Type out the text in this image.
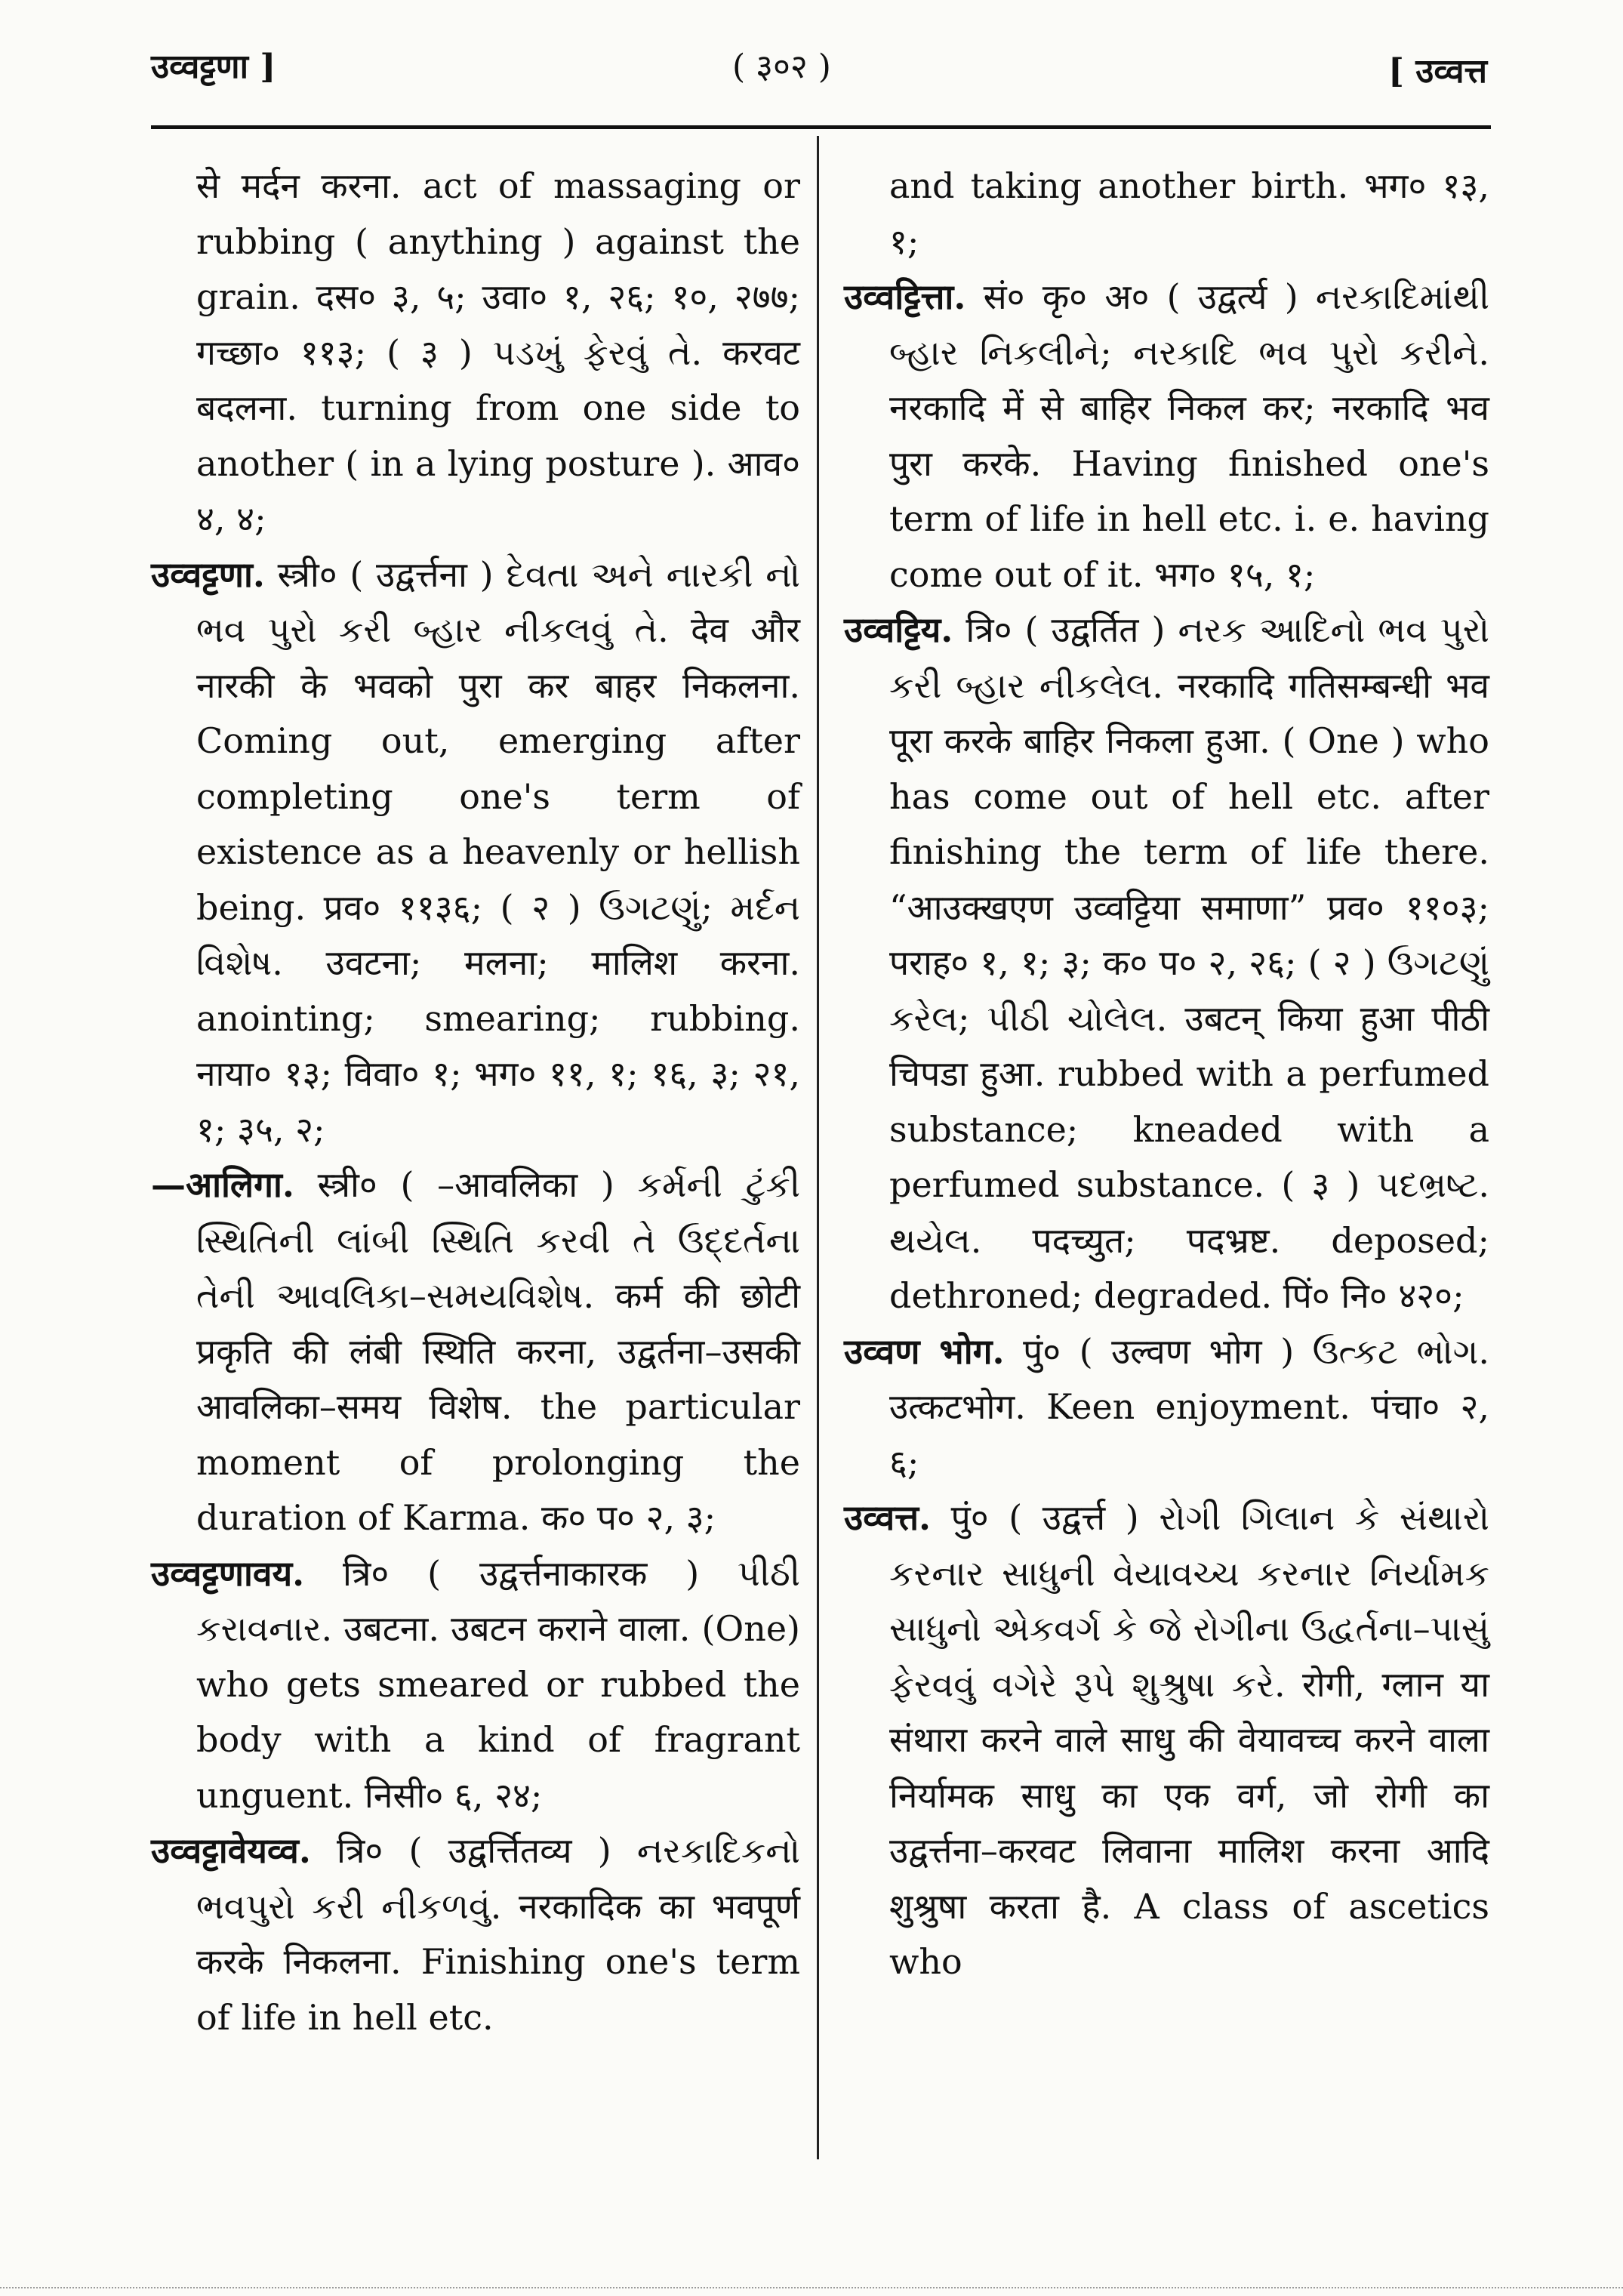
उव्वट्टणा ]	( ३०२ )	[ उव्वत्त

से मर्दन करना. act of massaging or rubbing ( anything ) against the grain. दस० ३, ५; उवा० १, २६; १०, २७७; गच्छा० ११३; ( ३ ) પડખું ફેરવું તે. करवट बदलना. turning from one side to another ( in a lying posture ). आव० ४, ४;

उव्वट्टणा. स्त्री० ( उद्वर्त्तना ) દેવતા અને નારકી નો ભવ પુરો કરી બ્હાર નીકલવું તે. देव और नारकी के भवको पुरा कर बाहर निकलना. Coming out, emerging after completing one's term of existence as a heavenly or hellish being. प्रव० ११३६; ( २ ) ઉગટણું; મર્દન વિશેષ. उवटना; मलना; मालिश करना. anointing; smearing; rubbing. नाया० १३; विवा० १; भग० ११, १; १६, ३; २१, १; ३५, २;

—आलिगा. स्त्री० ( –आवलिका ) કર્મની ટુંકી સ્થિતિની લાંબી સ્થિતિ કરવી તે ઉદ્દર્તના તેની આવલિકા–સમયવિશેષ. कर्म की छोटी प्रकृति की लंबी स्थिति करना, उद्वर्तना–उसकी आवलिका–समय विशेष. the particular moment of prolonging the duration of Karma. क० प० २, ३;

उव्वट्टणावय. त्रि० ( उद्वर्त्तनाकारक ) પીઠી કરાવનાર. उबटना. उबटन कराने वाला. (One) who gets smeared or rubbed the body with a kind of fragrant unguent. निसी० ६, २४;

उव्वट्टावेयव्व. त्रि० ( उद्वर्त्तितव्य ) નરકાદિકનો ભવપુરો કરી નીકળવું. नरकादिक का भवपूर्ण करके निकलना. Finishing one's term of life in hell etc.

and taking another birth. भग० १३, १;

उव्वट्टित्ता. सं० कृ० अ० ( उद्वर्त्य ) નરકાદિમાંથી બ્હાર નિકલીને; નરકાદિ ભવ પુરો કરીને. नरकादि में से बाहिर निकल कर; नरकादि भव पुरा करके. Having finished one's term of life in hell etc. i. e. having come out of it. भग० १५, १;

उव्वट्टिय. त्रि० ( उद्वर्तित ) નરક આદિનો ભવ પુરો કરી બ્હાર નીકલેલ. नरकादि गतिसम्बन्धी भव पूरा करके बाहिर निकला हुआ. ( One ) who has come out of hell etc. after finishing the term of life there. “आउक्खएण उव्वट्टिया समाणा” प्रव० ११०३; पराह० १, १; ३; क० प० २, २६; ( २ ) ઉગટણું કરેલ; પીઠી ચોલેલ. उबटन् किया हुआ पीठी चिपडा हुआ. rubbed with a perfumed substance; kneaded with a perfumed substance. ( ३ ) પદભ્રષ્ટ. થયેલ. पदच्युत; पदभ्रष्ट. deposed; dethroned; degraded. पिं० नि० ४२०;

उव्वण भोग. पुं० ( उल्वण भोग ) ઉત્કટ ભોગ. उत्कटभोग. Keen enjoyment. पंचा० २, ६;

उव्वत्त. पुं० ( उद्वर्त्त ) રોગી ગિલાન કે સંથારો કરનાર સાધુની વેયાવચ્ચ કરનાર નિર્યામક સાધુનો એકવર્ગ કે જે રોગીના ઉદ્વર્તના–પાસું ફેરવવું વગેરે રૂપે શુશ્રુષા કરે. रोगी, ग्लान या संथारा करने वाले साधु की वेयावच्च करने वाला निर्यामक साधु का एक वर्ग, जो रोगी का उद्वर्त्तना–करवट लिवाना मालिश करना आदि शुश्रुषा करता है. A class of ascetics who
